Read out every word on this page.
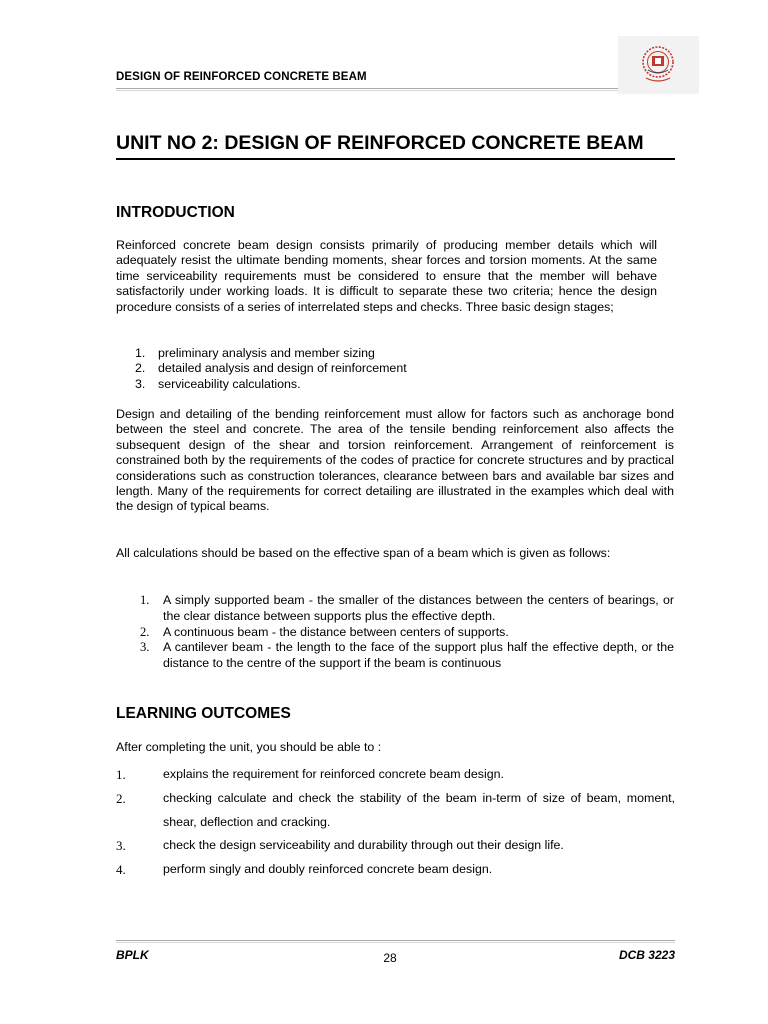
DESIGN OF REINFORCED CONCRETE BEAM
UNIT NO 2: DESIGN OF REINFORCED CONCRETE BEAM
INTRODUCTION

Reinforced concrete beam design consists primarily of producing member details which will adequately resist the ultimate bending moments, shear forces and torsion moments. At the same time serviceability requirements must be considered to ensure that the member will behave satisfactorily under working loads. It is difficult to separate these two criteria; hence the design procedure consists of a series of interrelated steps and checks. Three basic design stages;

1. preliminary analysis and member sizing
2. detailed analysis and design of reinforcement
3. serviceability calculations.

Design and detailing of the bending reinforcement must allow for factors such as anchorage bond between the steel and concrete. The area of the tensile bending reinforcement also affects the subsequent design of the shear and torsion reinforcement. Arrangement of reinforcement is constrained both by the requirements of the codes of practice for concrete structures and by practical considerations such as construction tolerances, clearance between bars and available bar sizes and length. Many of the requirements for correct detailing are illustrated in the examples which deal with the design of typical beams.

All calculations should be based on the effective span of a beam which is given as follows:

1. A simply supported beam - the smaller of the distances between the centers of bearings, or the clear distance between supports plus the effective depth.
2. A continuous beam - the distance between centers of supports.
3. A cantilever beam - the length to the face of the support plus half the effective depth, or the distance to the centre of the support if the beam is continuous
LEARNING OUTCOMES
After completing the unit, you should be able to :
1.	explains the requirement for reinforced concrete beam design.
2.	checking calculate and check the stability of the beam in-term of size of beam, moment, shear, deflection and cracking.
3.	check the design serviceability and durability through out their design life.
4.	perform singly and doubly reinforced concrete beam design.
BPLK	28	DCB 3223
